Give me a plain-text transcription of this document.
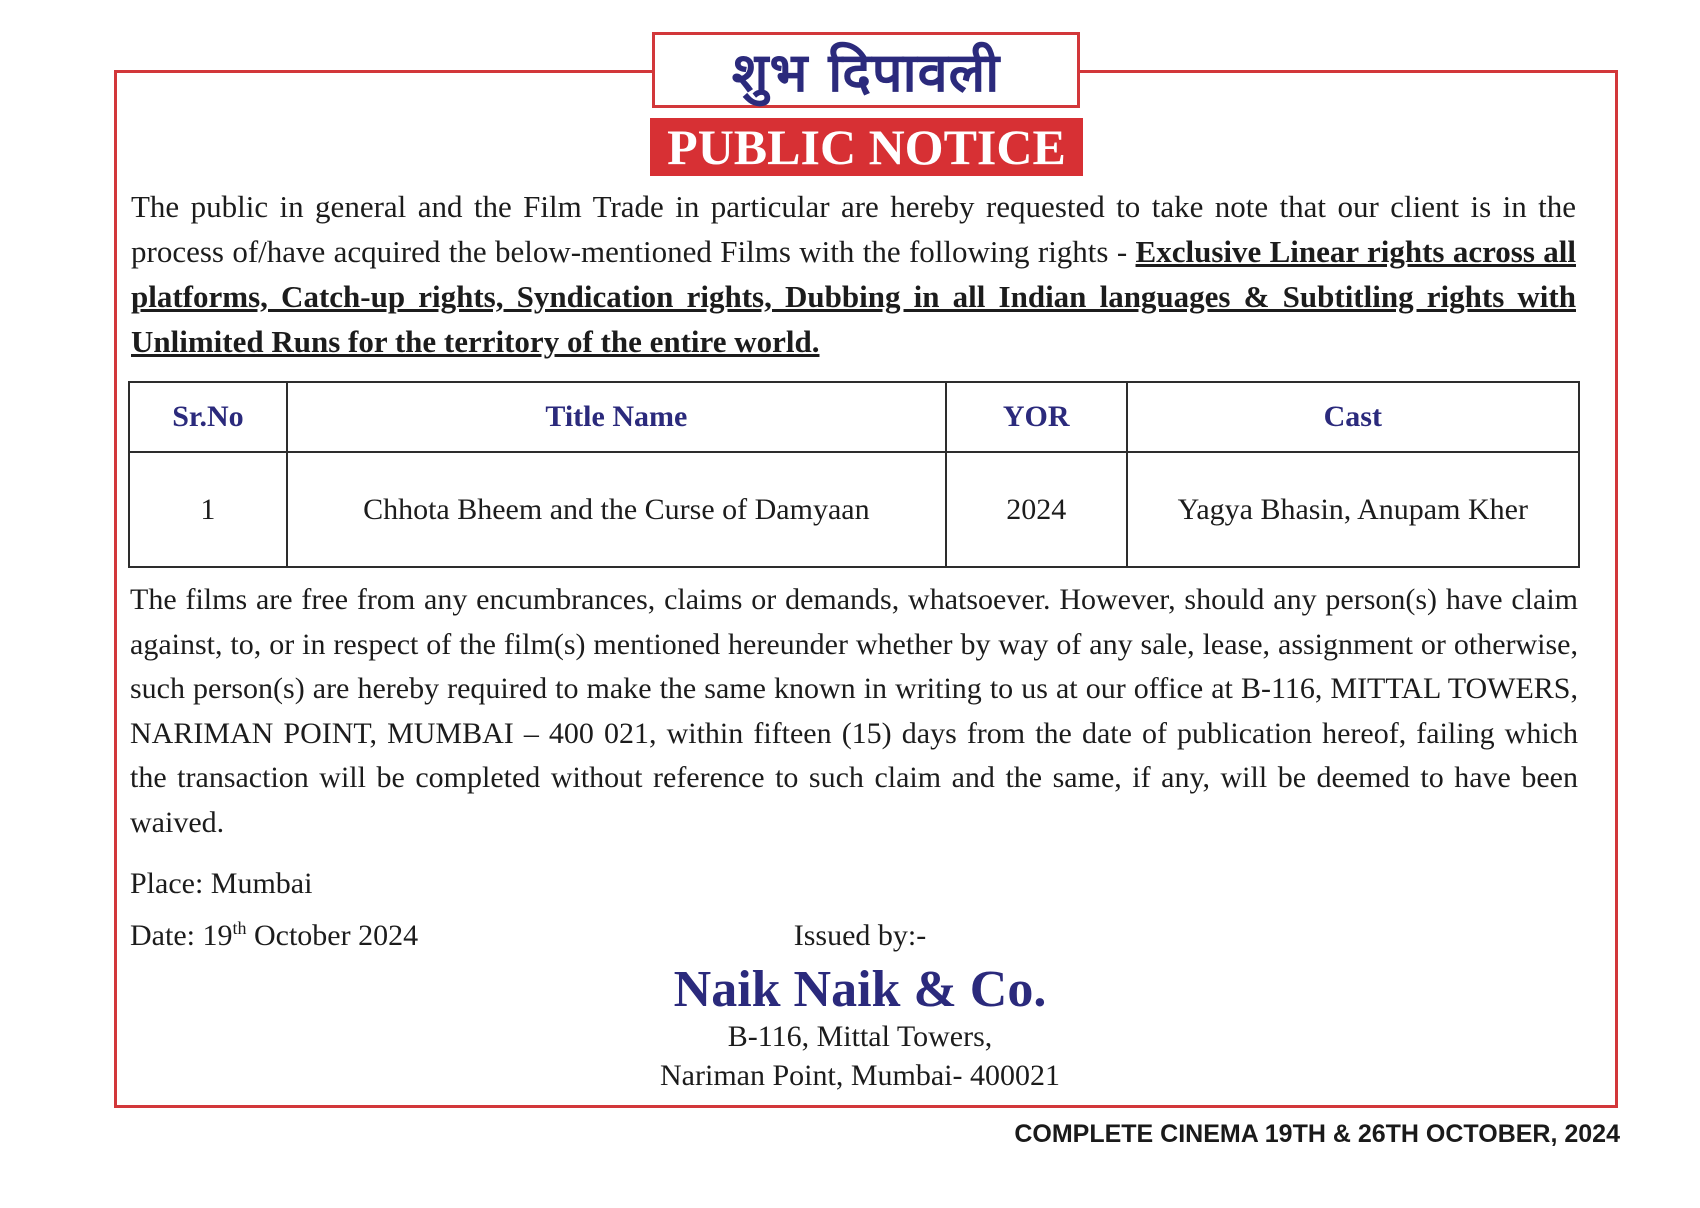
शुभ दिपावली
PUBLIC NOTICE

The public in general and the Film Trade in particular are hereby requested to take note that our client is in the process of/have acquired the below-mentioned Films with the following rights - Exclusive Linear rights across all platforms, Catch-up rights, Syndication rights, Dubbing in all Indian languages & Subtitling rights with Unlimited Runs for the territory of the entire world.

Sr.No	Title Name	YOR	Cast
1	Chhota Bheem and the Curse of Damyaan	2024	Yagya Bhasin, Anupam Kher

The films are free from any encumbrances, claims or demands, whatsoever. However, should any person(s) have claim against, to, or in respect of the film(s) mentioned hereunder whether by way of any sale, lease, assignment or otherwise, such person(s) are hereby required to make the same known in writing to us at our office at B-116, MITTAL TOWERS, NARIMAN POINT, MUMBAI – 400 021, within fifteen (15) days from the date of publication hereof, failing which the transaction will be completed without reference to such claim and the same, if any, will be deemed to have been waived.

Place: Mumbai
Date: 19th October 2024	Issued by:-
Naik Naik & Co.
B-116, Mittal Towers,
Nariman Point, Mumbai- 400021
COMPLETE CINEMA 19TH & 26TH OCTOBER, 2024
